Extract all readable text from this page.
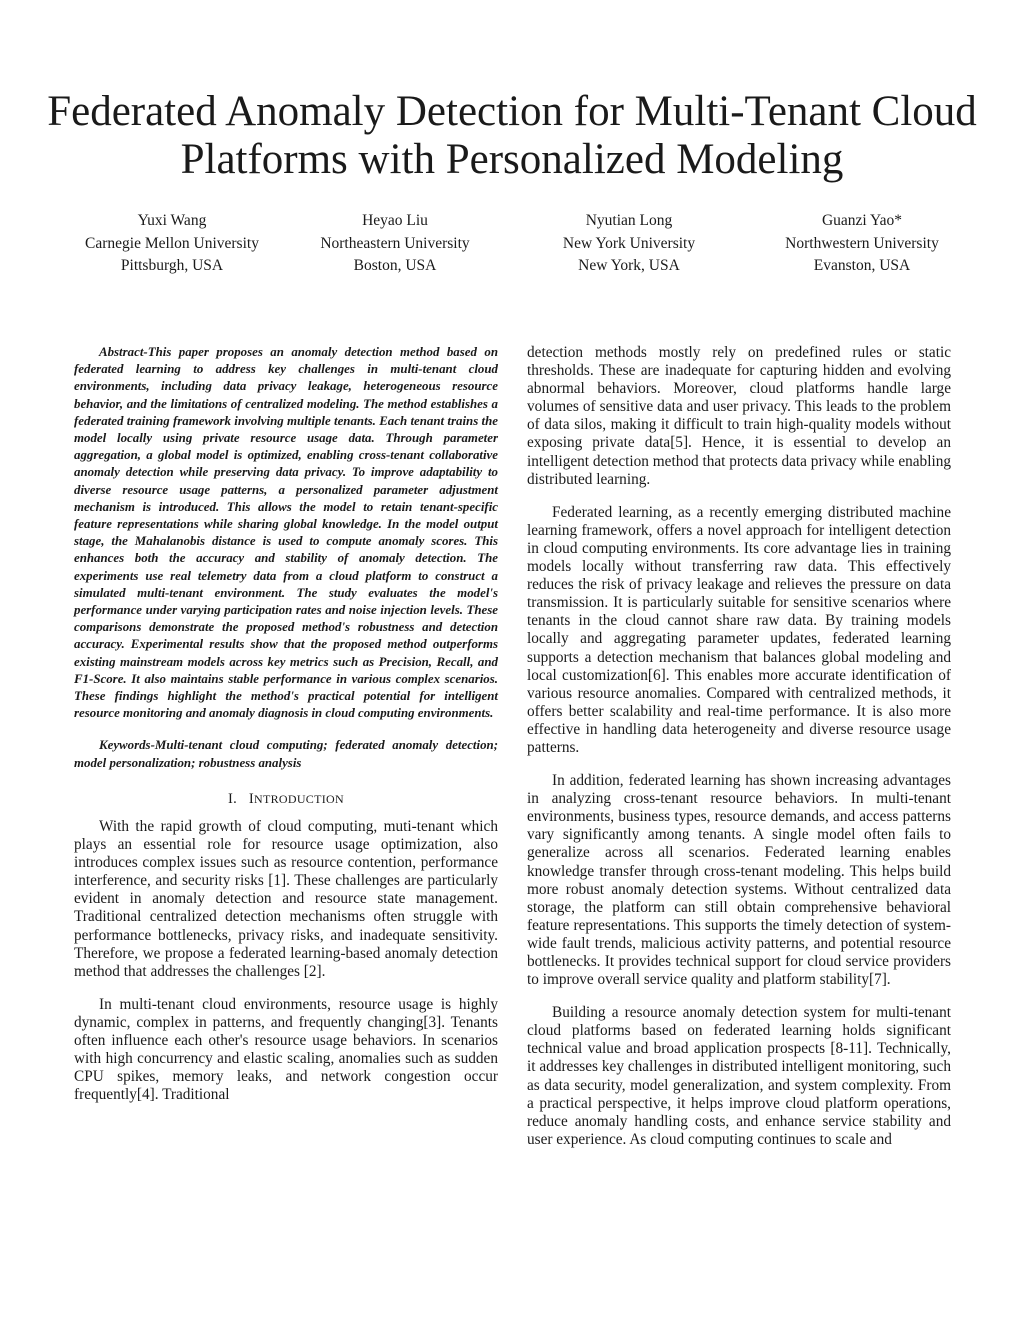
Federated Anomaly Detection for Multi-Tenant Cloud Platforms with Personalized Modeling
Yuxi Wang
Carnegie Mellon University
Pittsburgh, USA
Heyao Liu
Northeastern University
Boston, USA
Nyutian Long
New York University
New York, USA
Guanzi Yao*
Northwestern University
Evanston, USA

Abstract-This paper proposes an anomaly detection method based on federated learning to address key challenges in multi-tenant cloud environments, including data privacy leakage, heterogeneous resource behavior, and the limitations of centralized modeling. The method establishes a federated training framework involving multiple tenants. Each tenant trains the model locally using private resource usage data. Through parameter aggregation, a global model is optimized, enabling cross-tenant collaborative anomaly detection while preserving data privacy. To improve adaptability to diverse resource usage patterns, a personalized parameter adjustment mechanism is introduced. This allows the model to retain tenant-specific feature representations while sharing global knowledge. In the model output stage, the Mahalanobis distance is used to compute anomaly scores. This enhances both the accuracy and stability of anomaly detection. The experiments use real telemetry data from a cloud platform to construct a simulated multi-tenant environment. The study evaluates the model's performance under varying participation rates and noise injection levels. These comparisons demonstrate the proposed method's robustness and detection accuracy. Experimental results show that the proposed method outperforms existing mainstream models across key metrics such as Precision, Recall, and F1-Score. It also maintains stable performance in various complex scenarios. These findings highlight the method's practical potential for intelligent resource monitoring and anomaly diagnosis in cloud computing environments.

Keywords-Multi-tenant cloud computing; federated anomaly detection; model personalization; robustness analysis

I. INTRODUCTION

With the rapid growth of cloud computing, muti-tenant which plays an essential role for resource usage optimization, also introduces complex issues such as resource contention, performance interference, and security risks [1]. These challenges are particularly evident in anomaly detection and resource state management. Traditional centralized detection mechanisms often struggle with performance bottlenecks, privacy risks, and inadequate sensitivity. Therefore, we propose a federated learning-based anomaly detection method that addresses the challenges [2].

In multi-tenant cloud environments, resource usage is highly dynamic, complex in patterns, and frequently changing[3]. Tenants often influence each other's resource usage behaviors. In scenarios with high concurrency and elastic scaling, anomalies such as sudden CPU spikes, memory leaks, and network congestion occur frequently[4]. Traditional

detection methods mostly rely on predefined rules or static thresholds. These are inadequate for capturing hidden and evolving abnormal behaviors. Moreover, cloud platforms handle large volumes of sensitive data and user privacy. This leads to the problem of data silos, making it difficult to train high-quality models without exposing private data[5]. Hence, it is essential to develop an intelligent detection method that protects data privacy while enabling distributed learning.

Federated learning, as a recently emerging distributed machine learning framework, offers a novel approach for intelligent detection in cloud computing environments. Its core advantage lies in training models locally without transferring raw data. This effectively reduces the risk of privacy leakage and relieves the pressure on data transmission. It is particularly suitable for sensitive scenarios where tenants in the cloud cannot share raw data. By training models locally and aggregating parameter updates, federated learning supports a detection mechanism that balances global modeling and local customization[6]. This enables more accurate identification of various resource anomalies. Compared with centralized methods, it offers better scalability and real-time performance. It is also more effective in handling data heterogeneity and diverse resource usage patterns.

In addition, federated learning has shown increasing advantages in analyzing cross-tenant resource behaviors. In multi-tenant environments, business types, resource demands, and access patterns vary significantly among tenants. A single model often fails to generalize across all scenarios. Federated learning enables knowledge transfer through cross-tenant modeling. This helps build more robust anomaly detection systems. Without centralized data storage, the platform can still obtain comprehensive behavioral feature representations. This supports the timely detection of system-wide fault trends, malicious activity patterns, and potential resource bottlenecks. It provides technical support for cloud service providers to improve overall service quality and platform stability[7].

Building a resource anomaly detection system for multi-tenant cloud platforms based on federated learning holds significant technical value and broad application prospects [8-11]. Technically, it addresses key challenges in distributed intelligent monitoring, such as data security, model generalization, and system complexity. From a practical perspective, it helps improve cloud platform operations, reduce anomaly handling costs, and enhance service stability and user experience. As cloud computing continues to scale and
